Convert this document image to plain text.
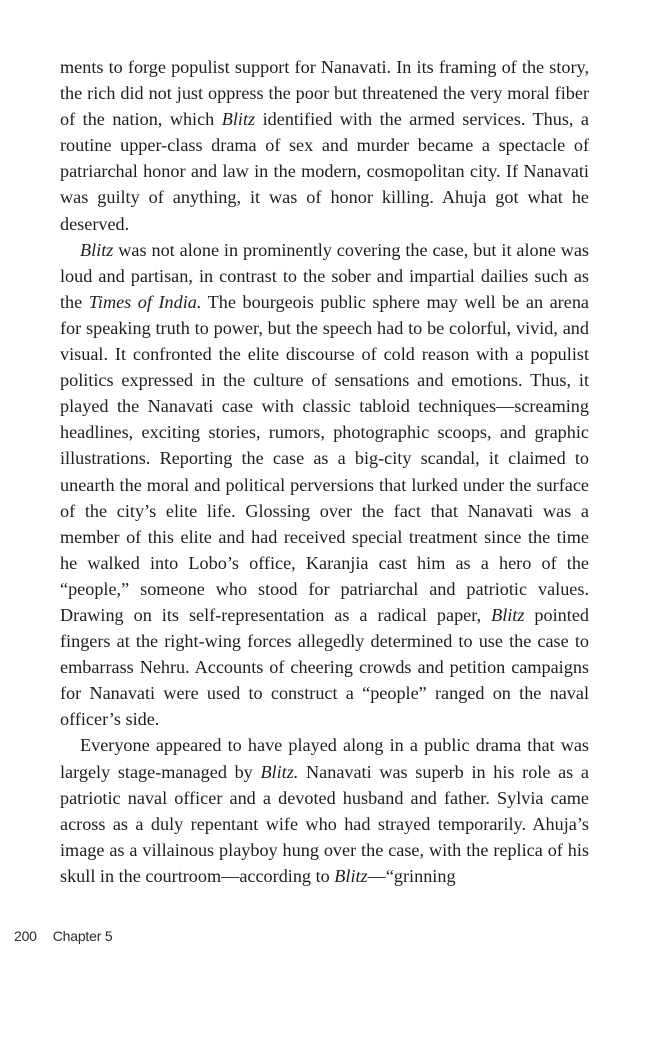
ments to forge populist support for Nanavati. In its framing of the story, the rich did not just oppress the poor but threatened the very moral fiber of the nation, which Blitz identified with the armed services. Thus, a routine upper-class drama of sex and murder became a spectacle of patriarchal honor and law in the modern, cosmopolitan city. If Nanavati was guilty of anything, it was of honor killing. Ahuja got what he deserved.

Blitz was not alone in prominently covering the case, but it alone was loud and partisan, in contrast to the sober and impartial dailies such as the Times of India. The bourgeois public sphere may well be an arena for speaking truth to power, but the speech had to be colorful, vivid, and visual. It confronted the elite discourse of cold reason with a populist politics expressed in the culture of sensations and emotions. Thus, it played the Nanavati case with classic tabloid techniques—screaming headlines, exciting stories, rumors, photographic scoops, and graphic illustrations. Reporting the case as a big-city scandal, it claimed to unearth the moral and political perversions that lurked under the surface of the city’s elite life. Glossing over the fact that Nanavati was a member of this elite and had received special treatment since the time he walked into Lobo’s office, Karanjia cast him as a hero of the “people,” someone who stood for patriarchal and patriotic values. Drawing on its self-representation as a radical paper, Blitz pointed fingers at the right-wing forces allegedly determined to use the case to embarrass Nehru. Accounts of cheering crowds and petition campaigns for Nanavati were used to construct a “people” ranged on the naval officer’s side.

Everyone appeared to have played along in a public drama that was largely stage-managed by Blitz. Nanavati was superb in his role as a patriotic naval officer and a devoted husband and father. Sylvia came across as a duly repentant wife who had strayed temporarily. Ahuja’s image as a villainous playboy hung over the case, with the replica of his skull in the courtroom—according to Blitz—“grinning

200 Chapter 5
